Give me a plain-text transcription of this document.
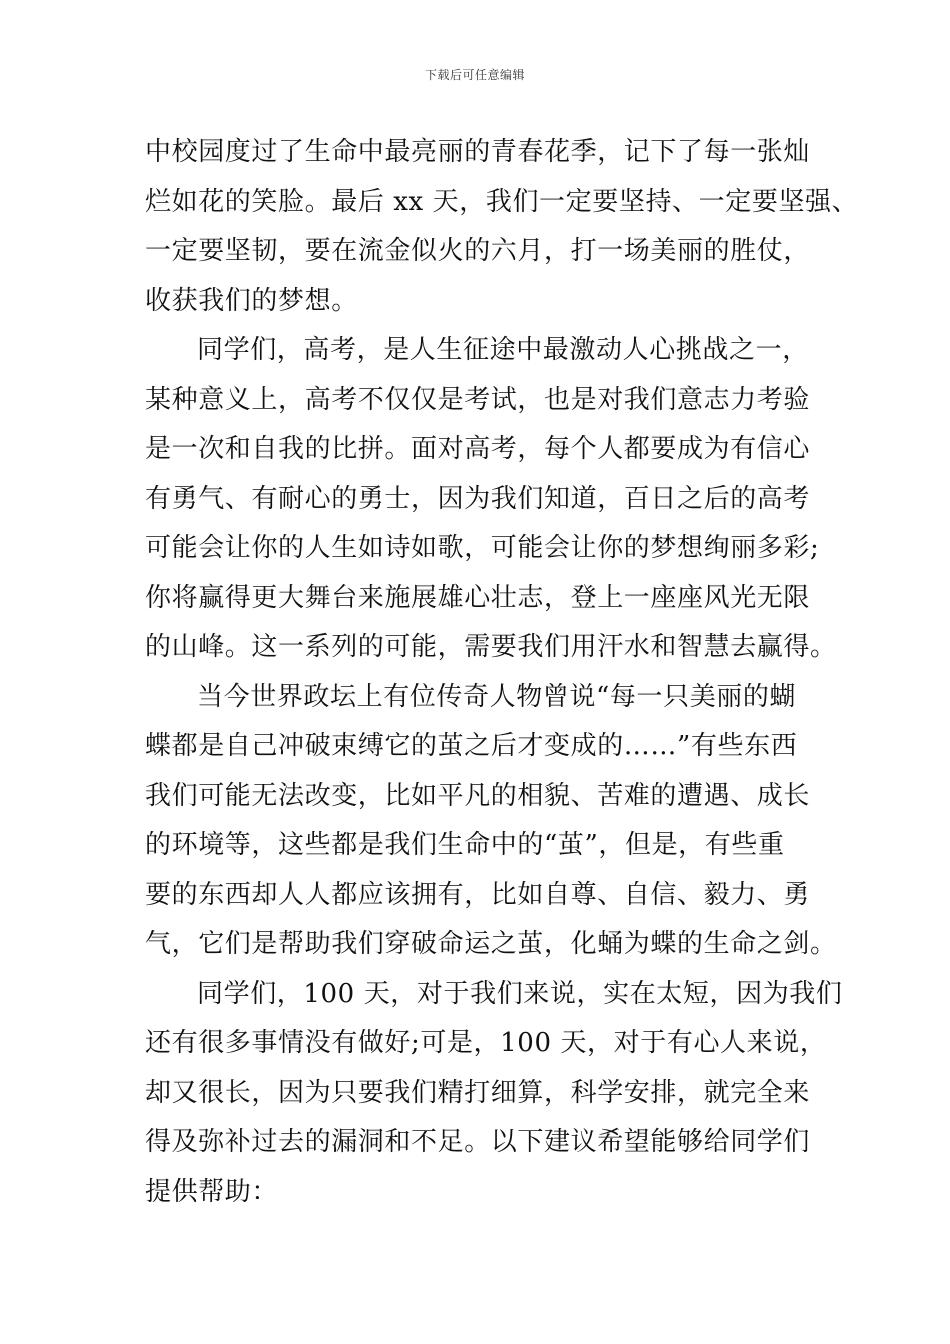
下载后可任意编辑
中校园度过了生命中最亮丽的青春花季，记下了每一张灿
烂如花的笑脸。最后 xx 天，我们一定要坚持、一定要坚强、
一定要坚韧，要在流金似火的六月，打一场美丽的胜仗，
收获我们的梦想。
同学们，高考，是人生征途中最激动人心挑战之一，
某种意义上，高考不仅仅是考试，也是对我们意志力考验
是一次和自我的比拼。面对高考，每个人都要成为有信心
有勇气、有耐心的勇士，因为我们知道，百日之后的高考
可能会让你的人生如诗如歌，可能会让你的梦想绚丽多彩;
你将赢得更大舞台来施展雄心壮志，登上一座座风光无限
的山峰。这一系列的可能，需要我们用汗水和智慧去赢得。
当今世界政坛上有位传奇人物曾说“每一只美丽的蝴
蝶都是自己冲破束缚它的茧之后才变成的……”有些东西
我们可能无法改变，比如平凡的相貌、苦难的遭遇、成长
的环境等，这些都是我们生命中的“茧”，但是，有些重
要的东西却人人都应该拥有，比如自尊、自信、毅力、勇
气，它们是帮助我们穿破命运之茧，化蛹为蝶的生命之剑。
同学们，100 天，对于我们来说，实在太短，因为我们
还有很多事情没有做好;可是，100 天，对于有心人来说，
却又很长，因为只要我们精打细算，科学安排，就完全来
得及弥补过去的漏洞和不足。以下建议希望能够给同学们
提供帮助：
